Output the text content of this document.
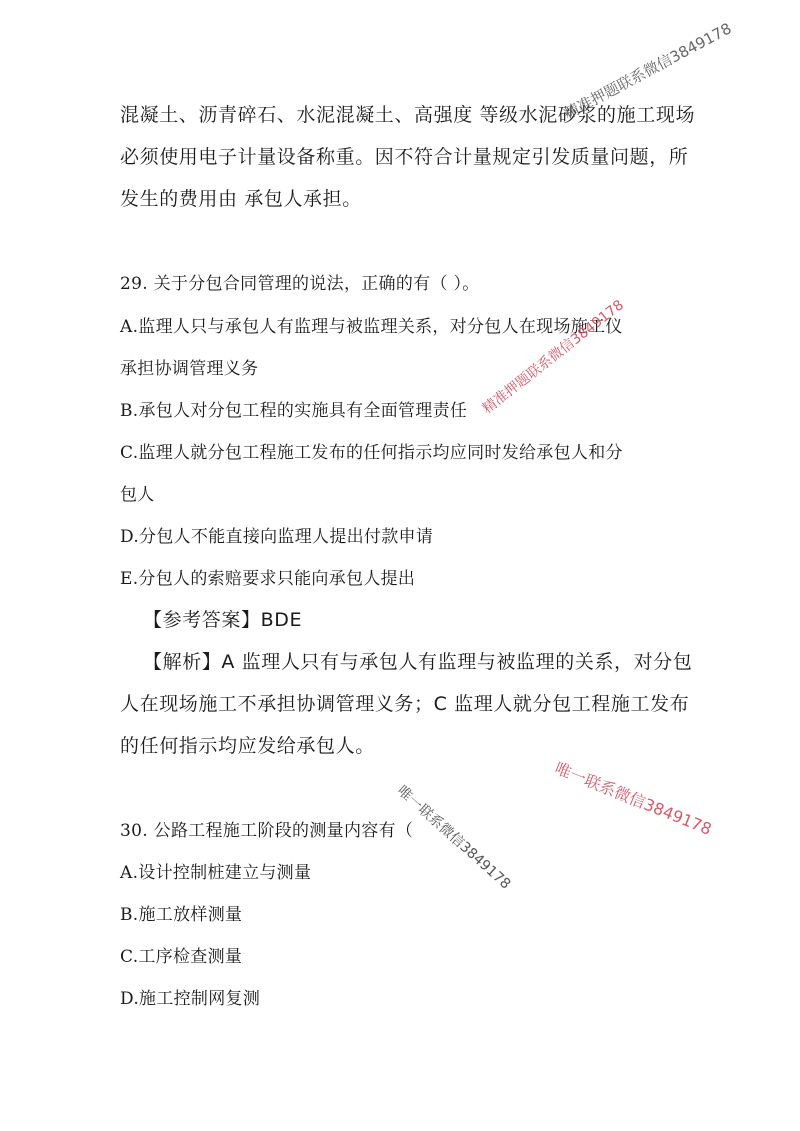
混凝土、沥青碎石、水泥混凝土、高强度 等级水泥砂浆的施工现场
必须使用电子计量设备称重。因不符合计量规定引发质量问题，所
发生的费用由 承包人承担。
29. 关于分包合同管理的说法，正确的有（ ）。
A.监理人只与承包人有监理与被监理关系，对分包人在现场施工仪
承担协调管理义务
B.承包人对分包工程的实施具有全面管理责任
C.监理人就分包工程施工发布的任何指示均应同时发给承包人和分
包人
D.分包人不能直接向监理人提出付款申请
E.分包人的索赔要求只能向承包人提出
【参考答案】BDE
【解析】A 监理人只有与承包人有监理与被监理的关系，对分包
人在现场施工不承担协调管理义务；C 监理人就分包工程施工发布
的任何指示均应发给承包人。
30. 公路工程施工阶段的测量内容有（
A.设计控制桩建立与测量
B.施工放样测量
C.工序检查测量
D.施工控制网复测
精准押题联系微信3849178
精准押题联系微信3849178
唯一联系微信3849178
唯一联系微信3849178
